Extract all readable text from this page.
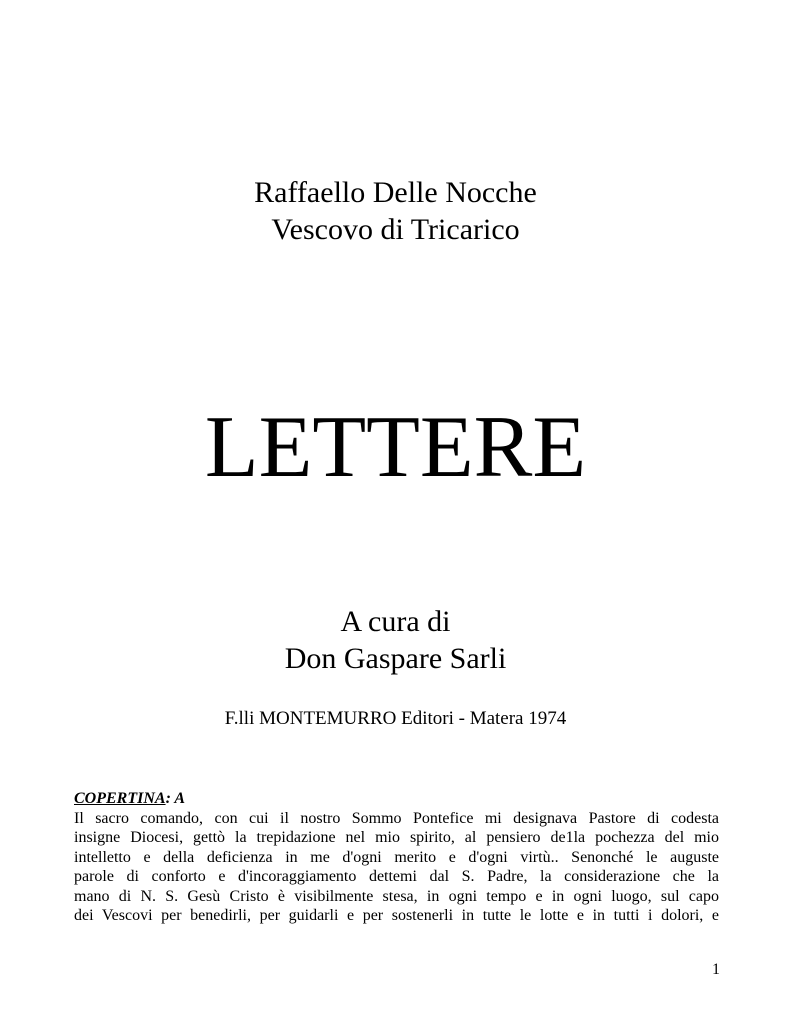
Raffaello Delle Nocche
Vescovo di Tricarico
LETTERE
A cura di
Don Gaspare Sarli
F.lli MONTEMURRO Editori - Matera 1974
COPERTINA: A
Il sacro comando, con cui il nostro Sommo Pontefice mi designava Pastore di codesta
insigne Diocesi, gettò la trepidazione nel mio spirito, al pensiero de1la pochezza del mio
intelletto e della deficienza in me d'ogni merito e d'ogni virtù.. Senonché le auguste
parole di conforto e d'incoraggiamento dettemi dal S. Padre, la considerazione che la
mano di N. S. Gesù Cristo è visibilmente stesa, in ogni tempo e in ogni luogo, sul capo
dei Vescovi per benedirli, per guidarli e per sostenerli in tutte le lotte e in tutti i dolori, e
1
